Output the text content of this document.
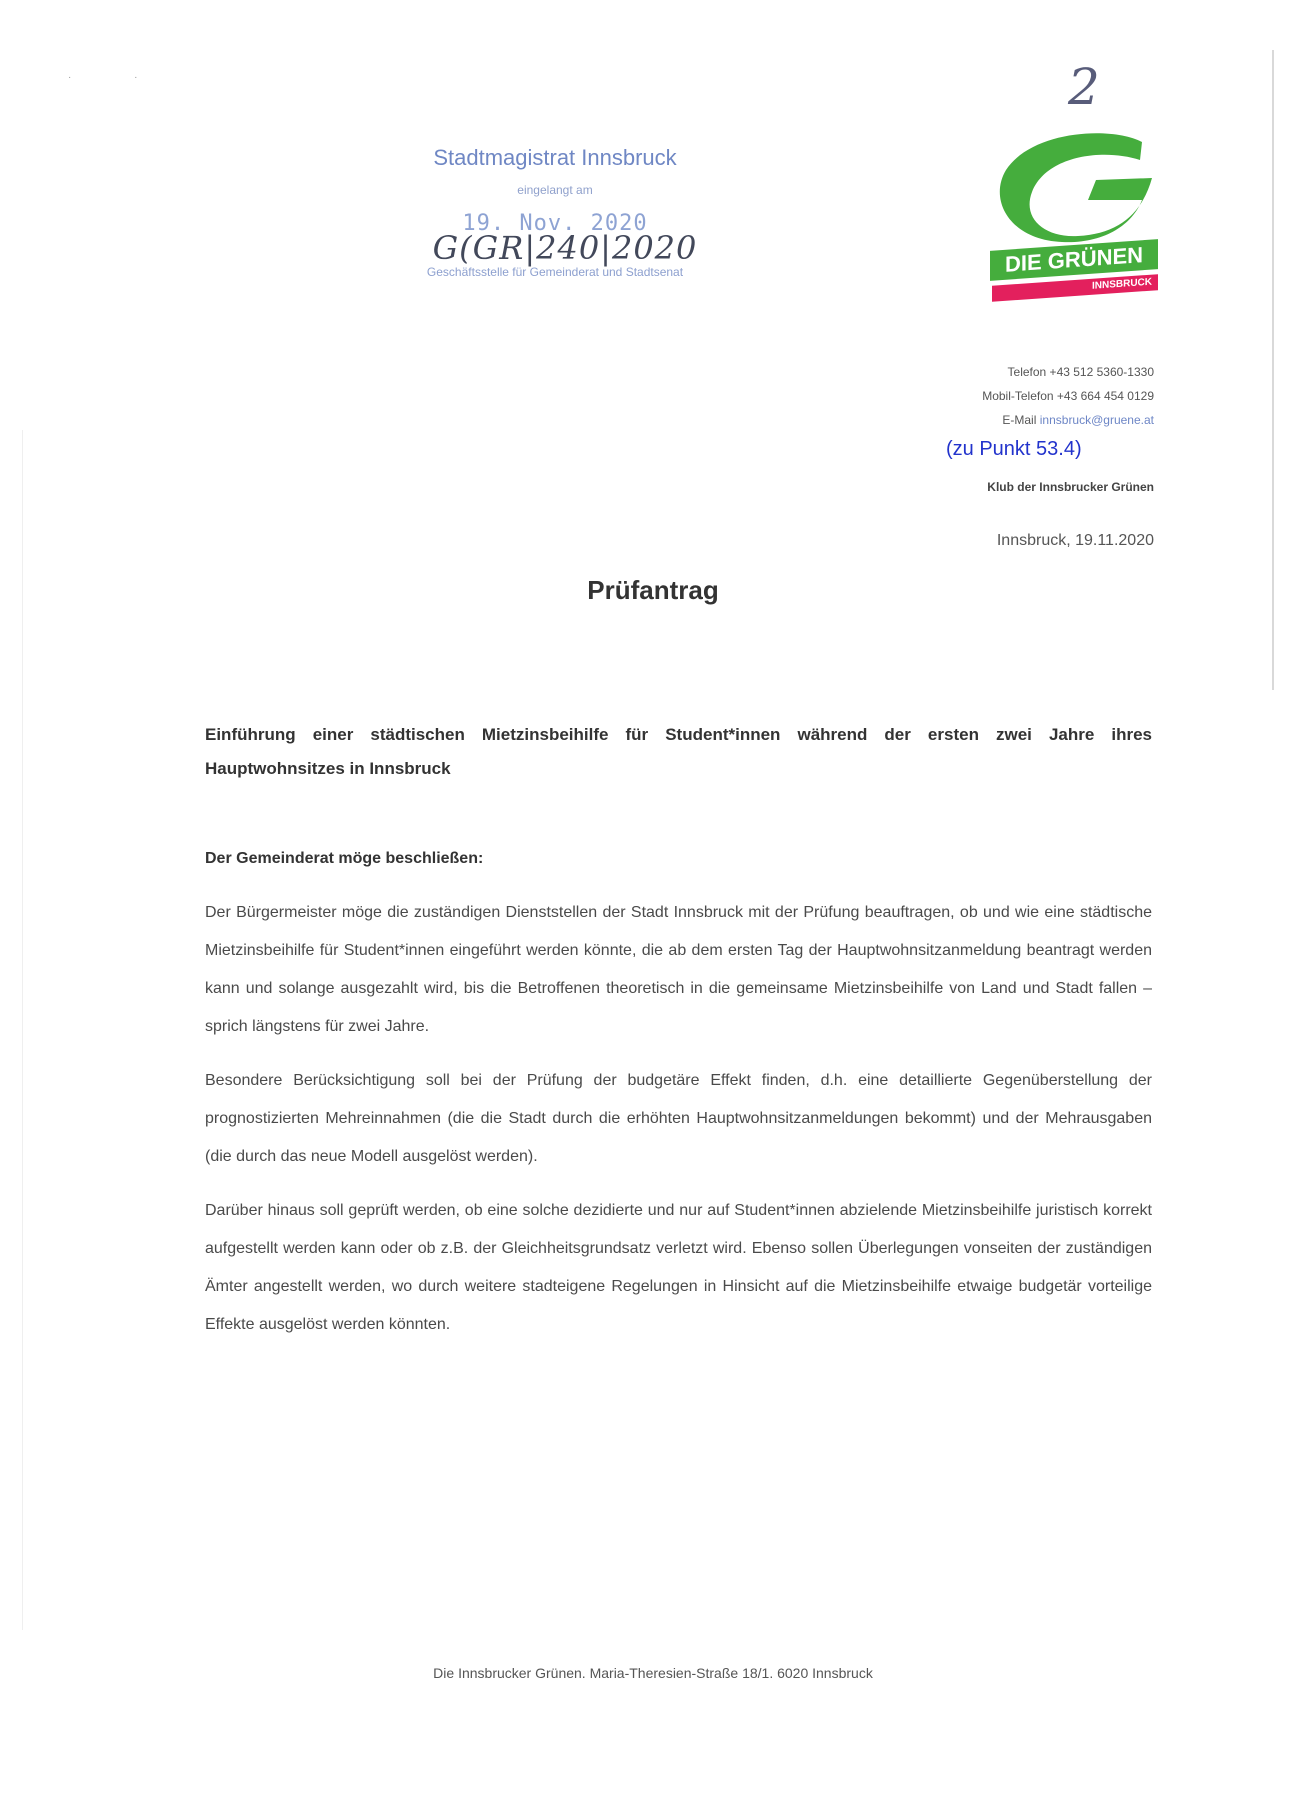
· ·	2
Stadtmagistrat Innsbruck
eingelangt am
19. Nov. 2020
G(GR|240|2020
Geschäftsstelle für Gemeinderat und Stadtsenat	DIE GRÜNEN
INNSBRUCK
Telefon +43 512 5360-1330
Mobil-Telefon +43 664 454 0129
E-Mail innsbruck@gruene.at
(zu Punkt 53.4)
Klub der Innsbrucker Grünen
Innsbruck, 19.11.2020
Prüfantrag
Einführung einer städtischen Mietzinsbeihilfe für Student*innen während der ersten zwei Jahre ihres Hauptwohnsitzes in Innsbruck

Der Gemeinderat möge beschließen:

Der Bürgermeister möge die zuständigen Dienststellen der Stadt Innsbruck mit der Prüfung beauftragen, ob und wie eine städtische Mietzinsbeihilfe für Student*innen eingeführt werden könnte, die ab dem ersten Tag der Hauptwohnsitzanmeldung beantragt werden kann und solange ausgezahlt wird, bis die Betroffenen theoretisch in die gemeinsame Mietzinsbeihilfe von Land und Stadt fallen – sprich längstens für zwei Jahre.

Besondere Berücksichtigung soll bei der Prüfung der budgetäre Effekt finden, d.h. eine detaillierte Gegenüberstellung der prognostizierten Mehreinnahmen (die die Stadt durch die erhöhten Hauptwohnsitzanmeldungen bekommt) und der Mehrausgaben (die durch das neue Modell ausgelöst werden).

Darüber hinaus soll geprüft werden, ob eine solche dezidierte und nur auf Student*innen abzielende Mietzinsbeihilfe juristisch korrekt aufgestellt werden kann oder ob z.B. der Gleichheitsgrundsatz verletzt wird. Ebenso sollen Überlegungen vonseiten der zuständigen Ämter angestellt werden, wo durch weitere stadteigene Regelungen in Hinsicht auf die Mietzinsbeihilfe etwaige budgetär vorteilige Effekte ausgelöst werden könnten.

Die Innsbrucker Grünen. Maria-Theresien-Straße 18/1. 6020 Innsbruck
